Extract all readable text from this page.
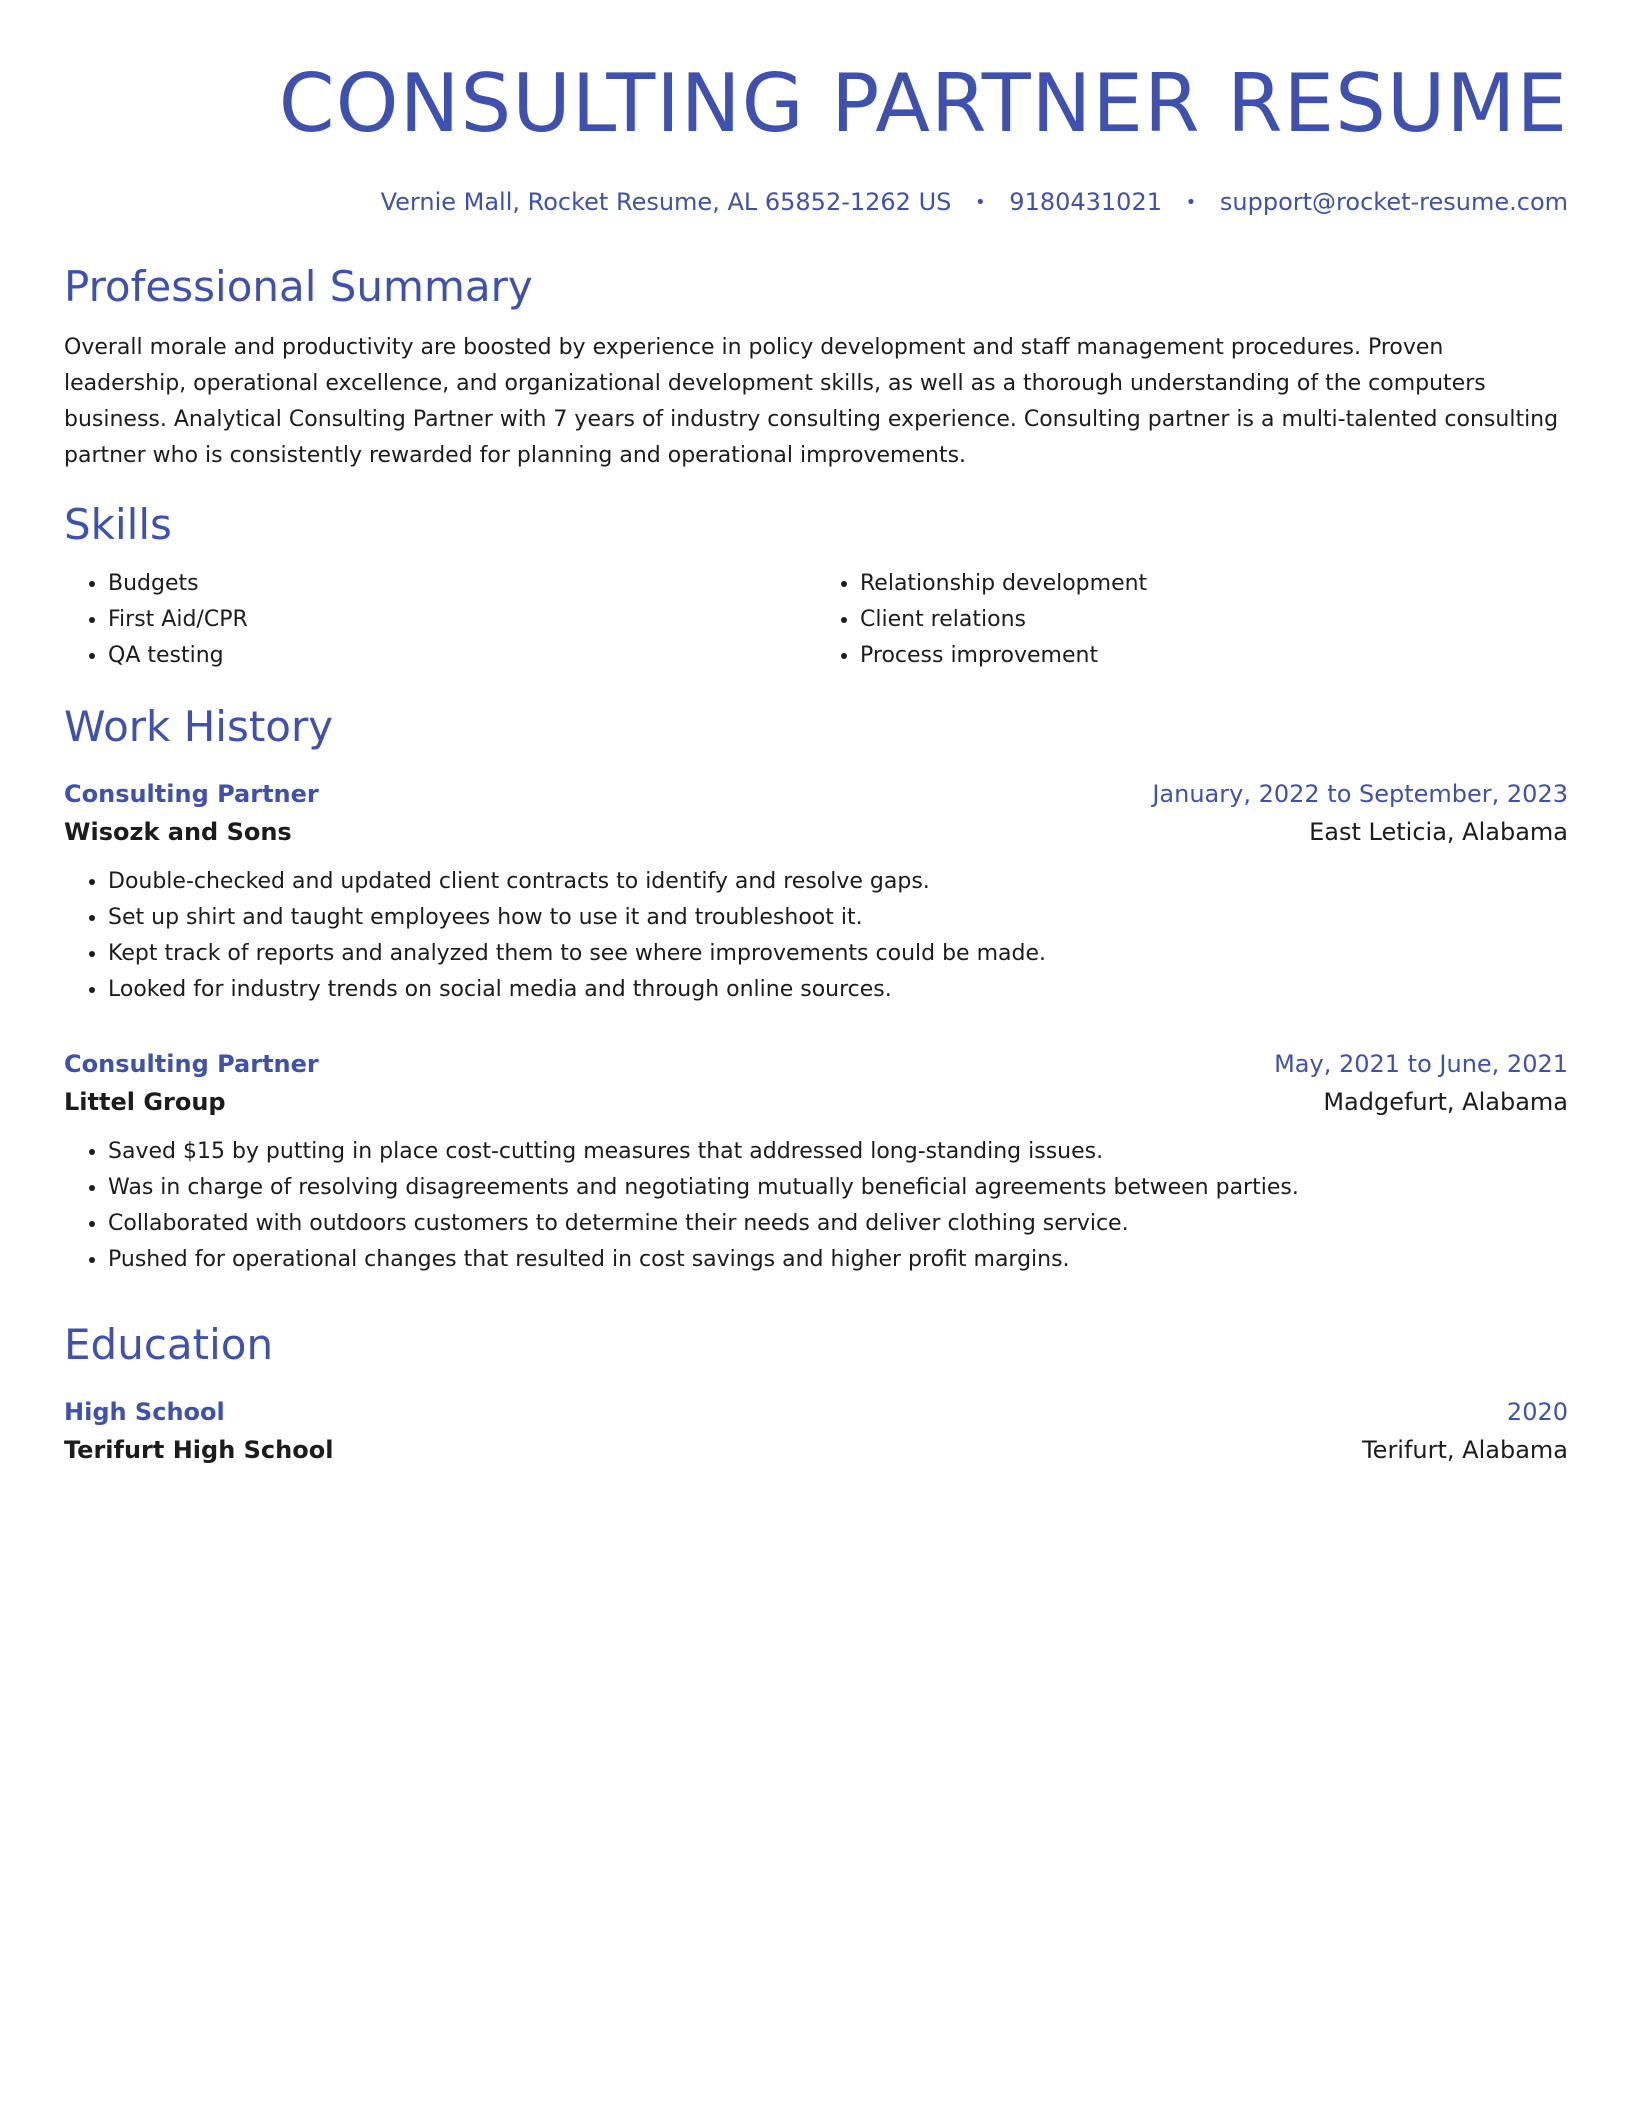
CONSULTING PARTNER RESUME
Vernie Mall, Rocket Resume, AL 65852-1262 US • 9180431021 • support@rocket-resume.com
Professional Summary

Overall morale and productivity are boosted by experience in policy development and staff management procedures. Proven leadership, operational excellence, and organizational development skills, as well as a thorough understanding of the computers business. Analytical Consulting Partner with 7 years of industry consulting experience. Consulting partner is a multi-talented consulting partner who is consistently rewarded for planning and operational improvements.

Skills
• Budgets
• First Aid/CPR
• QA testing
• Relationship development
• Client relations
• Process improvement
Work History
Consulting Partner	January, 2022 to September, 2023
Wisozk and Sons	East Leticia, Alabama
• Double-checked and updated client contracts to identify and resolve gaps.
• Set up shirt and taught employees how to use it and troubleshoot it.
• Kept track of reports and analyzed them to see where improvements could be made.
• Looked for industry trends on social media and through online sources.
Consulting Partner	May, 2021 to June, 2021
Littel Group	Madgefurt, Alabama
• Saved $15 by putting in place cost-cutting measures that addressed long-standing issues.
• Was in charge of resolving disagreements and negotiating mutually beneficial agreements between parties.
• Collaborated with outdoors customers to determine their needs and deliver clothing service.
• Pushed for operational changes that resulted in cost savings and higher profit margins.
Education
High School	2020
Terifurt High School	Terifurt, Alabama
